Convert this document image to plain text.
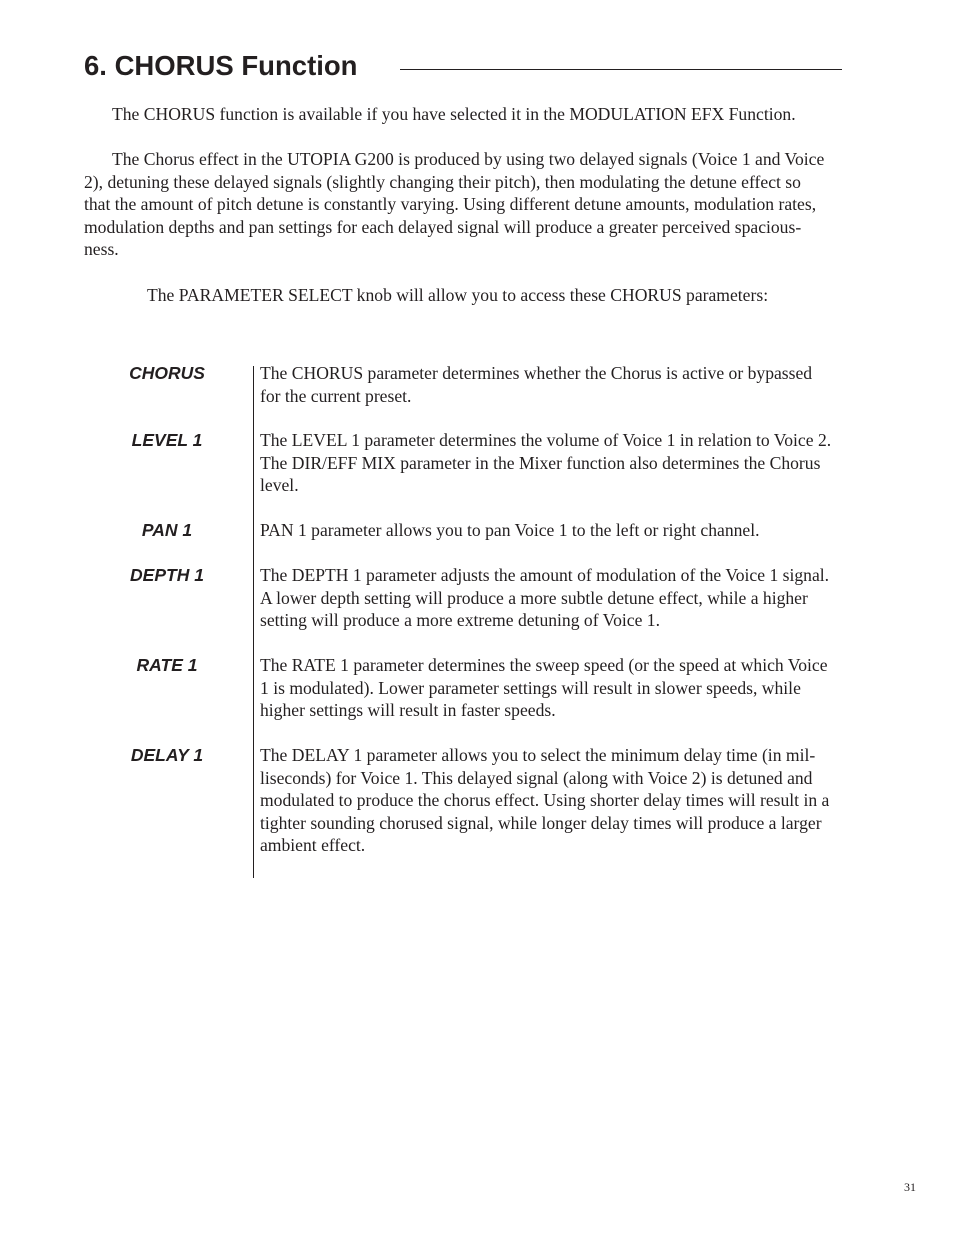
6. CHORUS Function

The CHORUS function is available if you have selected it in the MODULATION EFX Function.

The Chorus effect in the UTOPIA G200 is produced by using two delayed signals (Voice 1 and Voice
2), detuning these delayed signals (slightly changing their pitch), then modulating the detune effect so
that the amount of pitch detune is constantly varying. Using different detune amounts, modulation rates,
modulation depths and pan settings for each delayed signal will produce a greater perceived spacious-
ness.

The PARAMETER SELECT knob will allow you to access these CHORUS parameters:

CHORUS	The CHORUS parameter determines whether the Chorus is active or bypassed
for the current preset.

LEVEL 1	The LEVEL 1 parameter determines the volume of Voice 1 in relation to Voice 2.
The DIR/EFF MIX parameter in the Mixer function also determines the Chorus
level.

PAN 1	PAN 1 parameter allows you to pan Voice 1 to the left or right channel.

DEPTH 1	The DEPTH 1 parameter adjusts the amount of modulation of the Voice 1 signal.
A lower depth setting will produce a more subtle detune effect, while a higher
setting will produce a more extreme detuning of Voice 1.

RATE 1	The RATE 1 parameter determines the sweep speed (or the speed at which Voice
1 is modulated). Lower parameter settings will result in slower speeds, while
higher settings will result in faster speeds.

DELAY 1	The DELAY 1 parameter allows you to select the minimum delay time (in mil-
liseconds) for Voice 1. This delayed signal (along with Voice 2) is detuned and
modulated to produce the chorus effect. Using shorter delay times will result in a
tighter sounding chorused signal, while longer delay times will produce a larger
ambient effect.

31
